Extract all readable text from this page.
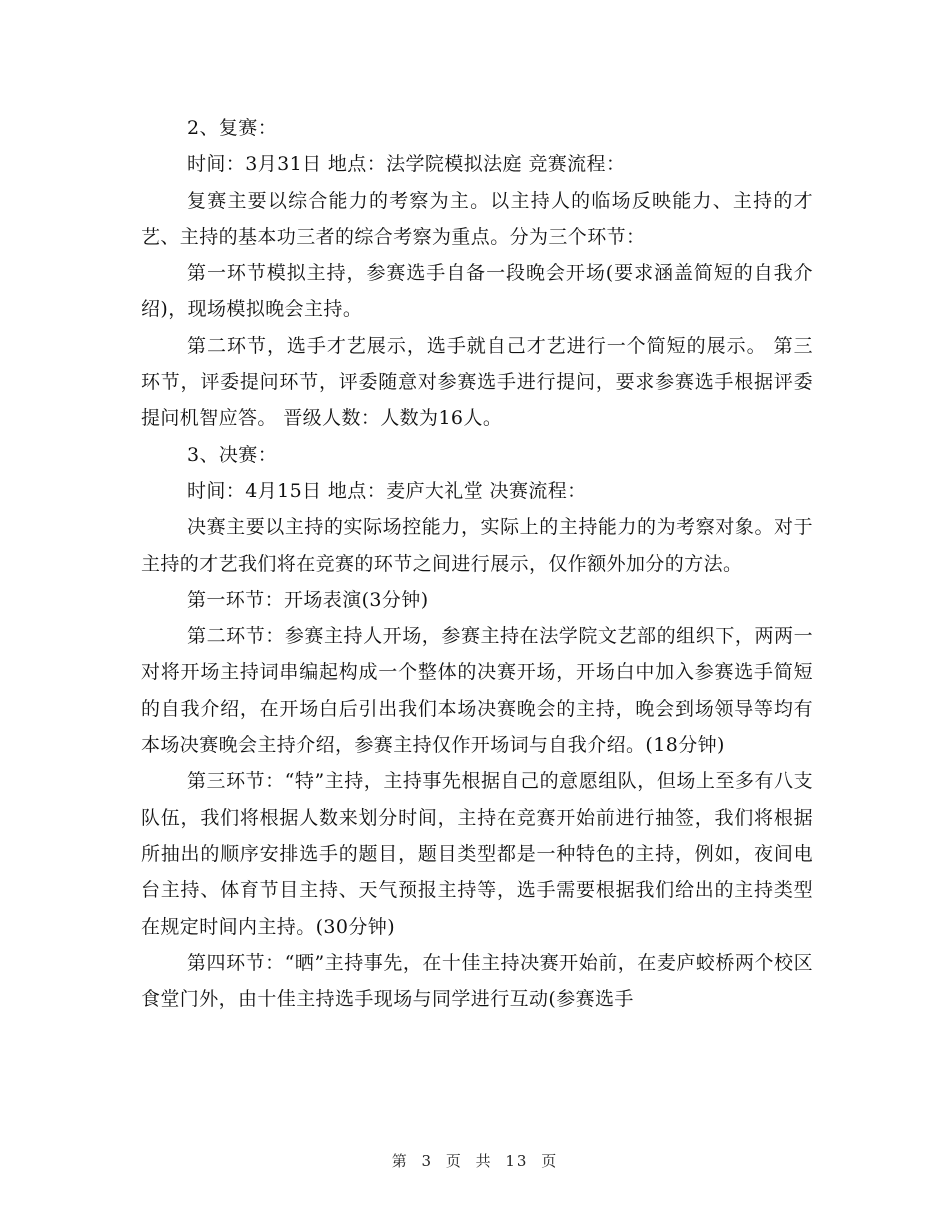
2、复赛：

时间：3月31日 地点：法学院模拟法庭 竞赛流程：

复赛主要以综合能力的考察为主。以主持人的临场反映能力、主持的才艺、主持的基本功三者的综合考察为重点。分为三个环节：

第一环节模拟主持，参赛选手自备一段晚会开场(要求涵盖简短的自我介绍)，现场模拟晚会主持。

第二环节，选手才艺展示，选手就自己才艺进行一个简短的展示。 第三环节，评委提问环节，评委随意对参赛选手进行提问，要求参赛选手根据评委提问机智应答。 晋级人数：人数为16人。

3、决赛：

时间：4月15日 地点：麦庐大礼堂 决赛流程：

决赛主要以主持的实际场控能力，实际上的主持能力的为考察对象。对于主持的才艺我们将在竞赛的环节之间进行展示，仅作额外加分的方法。

第一环节：开场表演(3分钟)

第二环节：参赛主持人开场，参赛主持在法学院文艺部的组织下，两两一对将开场主持词串编起构成一个整体的决赛开场，开场白中加入参赛选手简短的自我介绍，在开场白后引出我们本场决赛晚会的主持，晚会到场领导等均有本场决赛晚会主持介绍，参赛主持仅作开场词与自我介绍。(18分钟)

第三环节：“特”主持，主持事先根据自己的意愿组队，但场上至多有八支队伍，我们将根据人数来划分时间，主持在竞赛开始前进行抽签，我们将根据所抽出的顺序安排选手的题目，题目类型都是一种特色的主持，例如，夜间电台主持、体育节目主持、天气预报主持等，选手需要根据我们给出的主持类型在规定时间内主持。(30分钟)

第四环节：“晒”主持事先，在十佳主持决赛开始前，在麦庐蛟桥两个校区食堂门外，由十佳主持选手现场与同学进行互动(参赛选手

第 3 页 共 13 页
